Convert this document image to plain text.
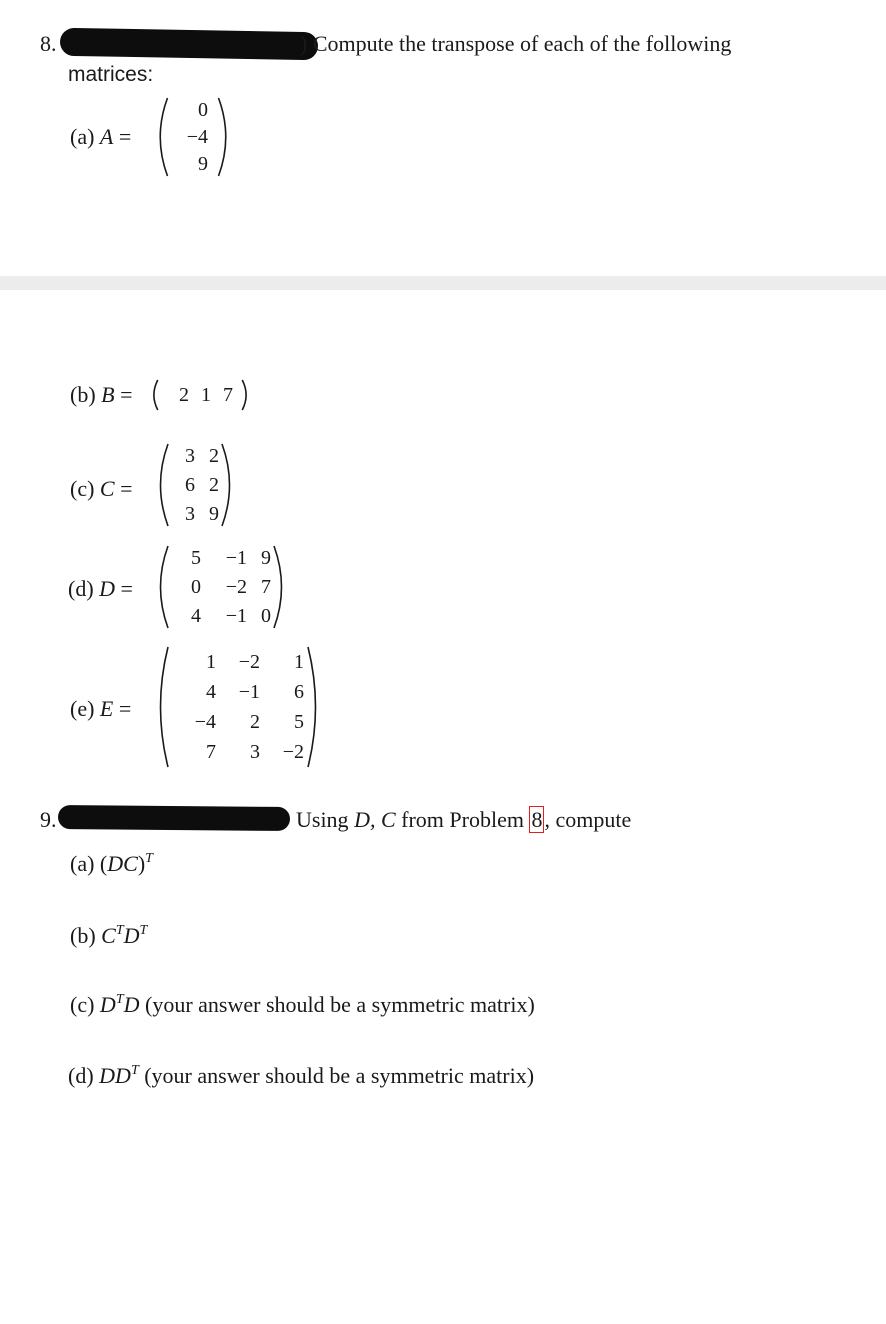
8.	) Compute the transpose of each of the following
matrices:
(a) A =
0
−4
9
(b) B =	2 1 7
(c) C =
3 2
6 2
3 9
(d) D =
5	−1 9
0	−2 7
4	−1 0
(e) E =
1	−2	1
4	−1	6
−4	2	5
7	3	−2
9.	Using D, C from Problem 8, compute
(a) (DC)$^T$
(b) $C^TD^T$
(c) $D^TD$ (your answer should be a symmetric matrix)
(d) $DD^T$ (your answer should be a symmetric matrix)
